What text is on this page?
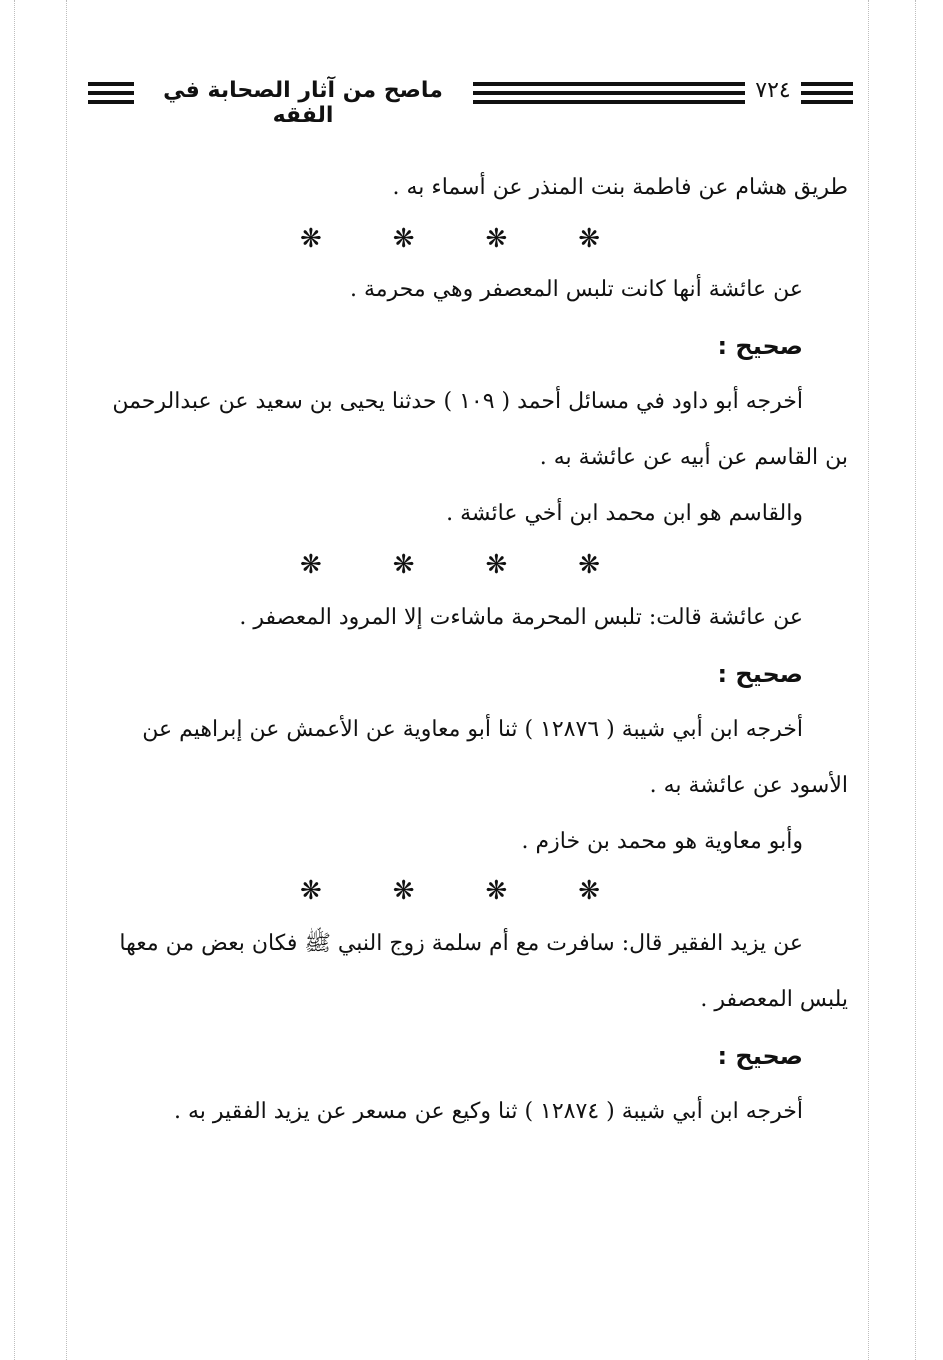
ماصح من آثار الصحابة في الفقه
٧٢٤

طريق هشام عن فاطمة بنت المنذر عن أسماء به .

❋	❋	❋	❋

عن عائشة أنها كانت تلبس المعصفر وهي محرمة .

صحيح :

أخرجه أبو داود في مسائل أحمد ( ١٠٩ ) حدثنا يحيى بن سعيد عن عبدالرحمن بن القاسم عن أبيه عن عائشة به .

والقاسم هو ابن محمد ابن أخي عائشة .

❋	❋	❋	❋

عن عائشة قالت: تلبس المحرمة ماشاءت إلا المرود المعصفر .

صحيح :

أخرجه ابن أبي شيبة ( ١٢٨٧٦ ) ثنا أبو معاوية عن الأعمش عن إبراهيم عن الأسود عن عائشة به .

وأبو معاوية هو محمد بن خازم .

❋	❋	❋	❋

عن يزيد الفقير قال: سافرت مع أم سلمة زوج النبي ﷺ فكان بعض من معها يلبس المعصفر .

صحيح :

أخرجه ابن أبي شيبة ( ١٢٨٧٤ ) ثنا وكيع عن مسعر عن يزيد الفقير به .
